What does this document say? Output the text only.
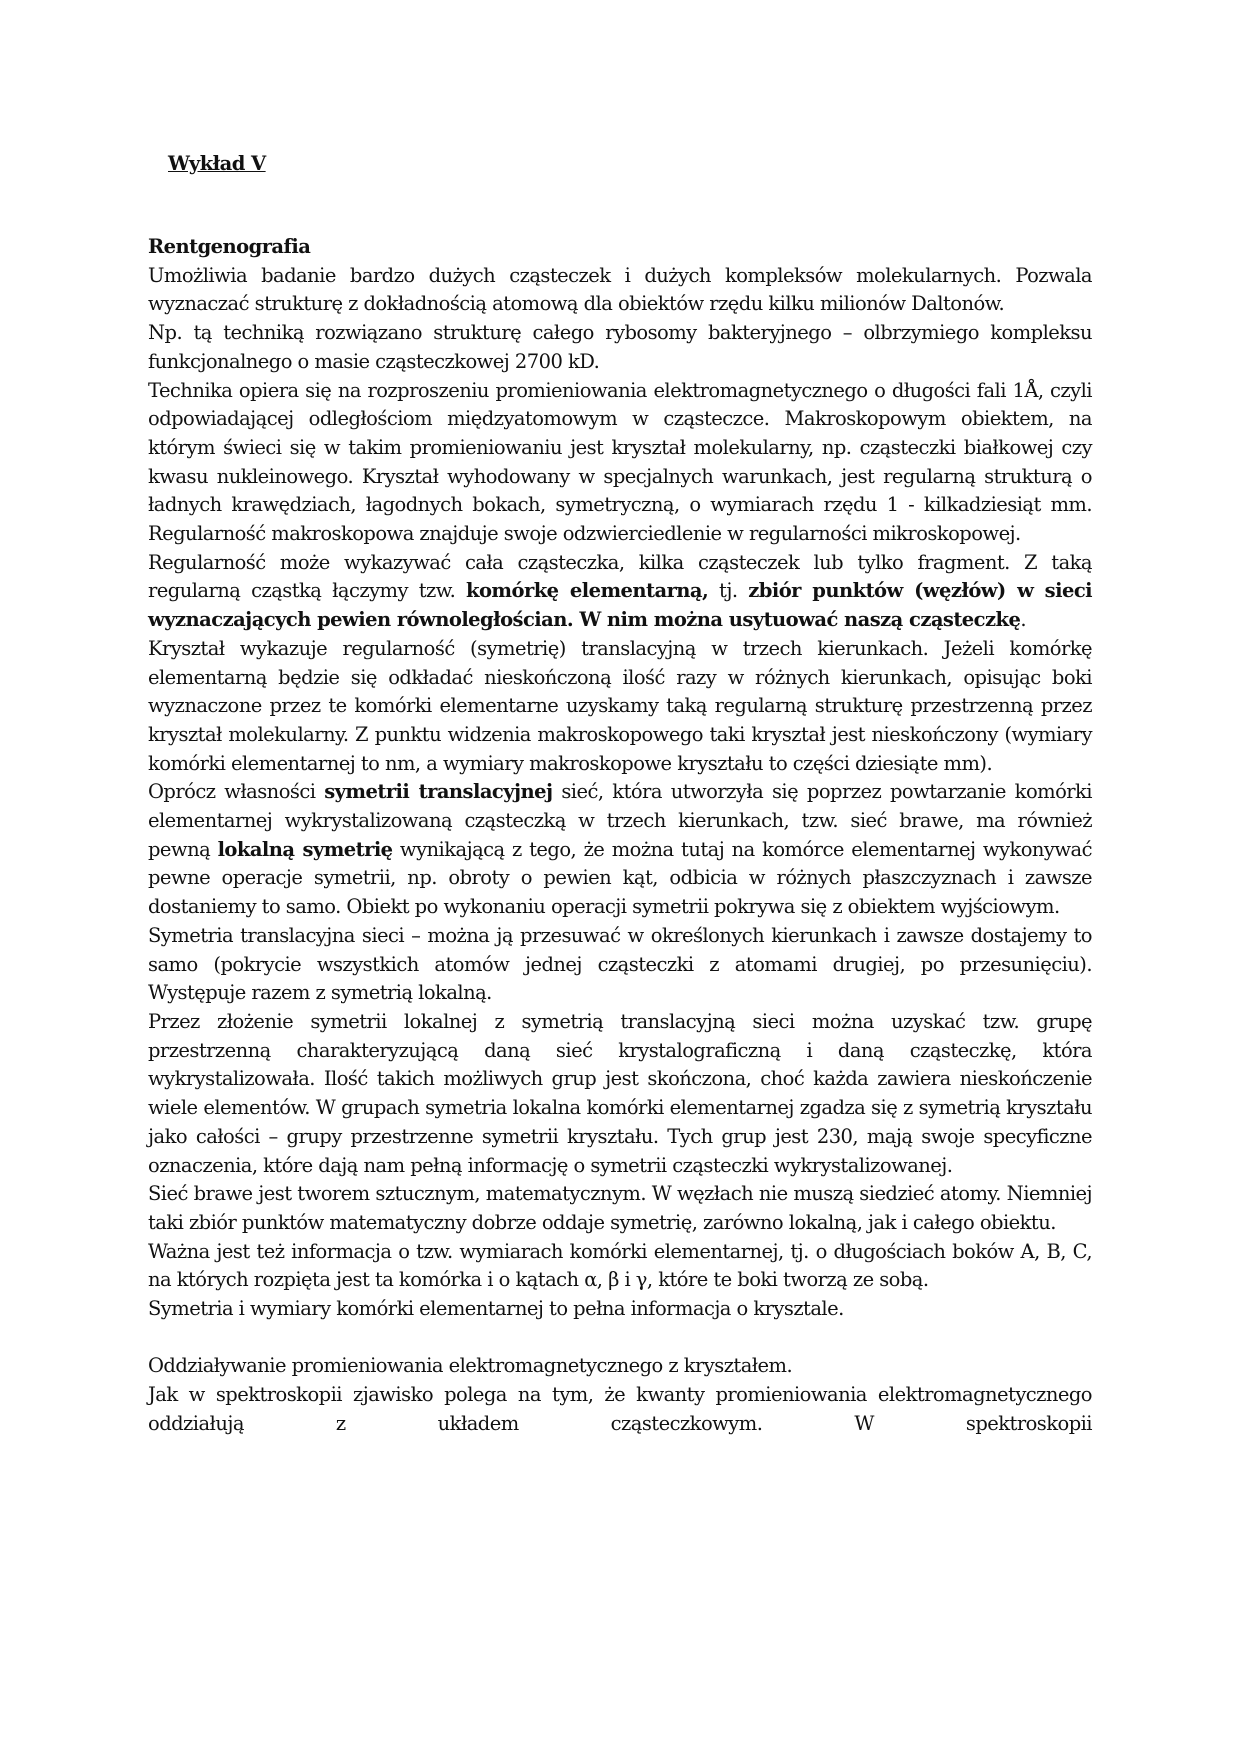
Wykład V

Rentgenografia

Umożliwia badanie bardzo dużych cząsteczek i dużych kompleksów molekularnych. Pozwala wyznaczać strukturę z dokładnością atomową dla obiektów rzędu kilku milionów Daltonów.

Np. tą techniką rozwiązano strukturę całego rybosomy bakteryjnego – olbrzymiego kompleksu funkcjonalnego o masie cząsteczkowej 2700 kD.

Technika opiera się na rozproszeniu promieniowania elektromagnetycznego o długości fali 1Å, czyli odpowiadającej odległościom międzyatomowym w cząsteczce. Makroskopowym obiektem, na którym świeci się w takim promieniowaniu jest kryształ molekularny, np. cząsteczki białkowej czy kwasu nukleinowego. Kryształ wyhodowany w specjalnych warunkach, jest regularną strukturą o ładnych krawędziach, łagodnych bokach, symetryczną, o wymiarach rzędu 1 - kilkadziesiąt mm. Regularność makroskopowa znajduje swoje odzwierciedlenie w regularności mikroskopowej.

Regularność może wykazywać cała cząsteczka, kilka cząsteczek lub tylko fragment. Z taką regularną cząstką łączymy tzw. komórkę elementarną, tj. zbiór punktów (węzłów) w sieci wyznaczających pewien równoległościan. W nim można usytuować naszą cząsteczkę.

Kryształ wykazuje regularność (symetrię) translacyjną w trzech kierunkach. Jeżeli komórkę elementarną będzie się odkładać nieskończoną ilość razy w różnych kierunkach, opisując boki wyznaczone przez te komórki elementarne uzyskamy taką regularną strukturę przestrzenną przez kryształ molekularny. Z punktu widzenia makroskopowego taki kryształ jest nieskończony (wymiary komórki elementarnej to nm, a wymiary makroskopowe kryształu to części dziesiąte mm).

Oprócz własności symetrii translacyjnej sieć, która utworzyła się poprzez powtarzanie komórki elementarnej wykrystalizowaną cząsteczką w trzech kierunkach, tzw. sieć brawe, ma również pewną lokalną symetrię wynikającą z tego, że można tutaj na komórce elementarnej wykonywać pewne operacje symetrii, np. obroty o pewien kąt, odbicia w różnych płaszczyznach i zawsze dostaniemy to samo. Obiekt po wykonaniu operacji symetrii pokrywa się z obiektem wyjściowym.

Symetria translacyjna sieci – można ją przesuwać w określonych kierunkach i zawsze dostajemy to samo (pokrycie wszystkich atomów jednej cząsteczki z atomami drugiej, po przesunięciu). Występuje razem z symetrią lokalną.

Przez złożenie symetrii lokalnej z symetrią translacyjną sieci można uzyskać tzw. grupę przestrzenną charakteryzującą daną sieć krystalograficzną i daną cząsteczkę, która wykrystalizowała. Ilość takich możliwych grup jest skończona, choć każda zawiera nieskończenie wiele elementów. W grupach symetria lokalna komórki elementarnej zgadza się z symetrią kryształu jako całości – grupy przestrzenne symetrii kryształu. Tych grup jest 230, mają swoje specyficzne oznaczenia, które dają nam pełną informację o symetrii cząsteczki wykrystalizowanej.

Sieć brawe jest tworem sztucznym, matematycznym. W węzłach nie muszą siedzieć atomy. Niemniej taki zbiór punktów matematyczny dobrze oddaje symetrię, zarówno lokalną, jak i całego obiektu.

Ważna jest też informacja o tzw. wymiarach komórki elementarnej, tj. o długościach boków A, B, C, na których rozpięta jest ta komórka i o kątach α, β i γ, które te boki tworzą ze sobą.

Symetria i wymiary komórki elementarnej to pełna informacja o krysztale.

Oddziaływanie promieniowania elektromagnetycznego z kryształem.

Jak w spektroskopii zjawisko polega na tym, że kwanty promieniowania elektromagnetycznego oddziałują z układem cząsteczkowym. W spektroskopii
